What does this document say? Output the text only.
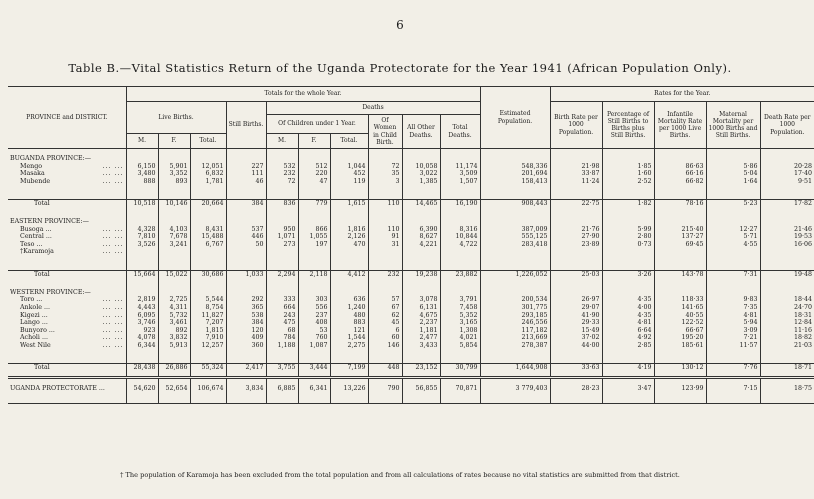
6
Table B.—Vital Statistics Return of the Uganda Protectorate for the Year 1941 (African Population Only).
PROVINCE and DISTRICT.	Totals for the whole Year.										Estimated Population.	Rates for the Year.				
	Live Births.			Still Births.	Deaths							Birth Rate per 1000 Population.	Percentage of Still Births to Births plus Still Births.	Infantile Mortality Rate per 1000 Live Births.	Maternal Mortality per 1000 Births and Still Births.	Death Rate per 1000 Population.
					Of Children under 1 Year.			Of Women in Child Birth.	All Other Deaths.	Total Deaths.						
	M.	F.	Total.		M.	F.	Total.									

BUGANDA PROVINCE:—																
Mengo ... ...	6,150	5,901	12,051	227	532	512	1,044	72	10,058	11,174	548,336	21·98	1·85	86·63	5·86	20·28
Masaka ... ...	3,480	3,352	6,832	111	232	220	452	35	3,022	3,509	201,694	33·87	1·60	66·16	5·04	17·40
Mubende ... ...	888	893	1,781	46	72	47	119	3	1,385	1,507	158,413	11·24	2·52	66·82	1·64	9·51

Total	10,518	10,146	20,664	384	836	779	1,615	110	14,465	16,190	908,443	22·75	1·82	78·16	5·23	17·82

EASTERN PROVINCE:—																
Busoga ... ... ...	4,328	4,103	8,431	537	950	866	1,816	110	6,390	8,316	387,009	21·76	5·99	215·40	12·27	21·46
Central ... ... ...	7,810	7,678	15,488	446	1,071	1,055	2,126	91	8,627	10,844	555,125	27·90	2·80	137·27	5·71	19·53
Teso ... ... ...	3,526	3,241	6,767	50	273	197	470	31	4,221	4,722	283,418	23·89	0·73	69·45	4·55	16·06
†Karamoja ... ...																

Total	15,664	15,022	30,686	1,033	2,294	2,118	4,412	232	19,238	23,882	1,226,052	25·03	3·26	143·78	7·31	19·48

WESTERN PROVINCE:—																
Toro ... ... ...	2,819	2,725	5,544	292	333	303	636	57	3,078	3,791	200,534	26·97	4·35	118·33	9·83	18·44
Ankole ... ... ...	4,443	4,311	8,754	365	664	556	1,240	67	6,131	7,458	301,775	29·07	4·00	141·65	7·35	24·70
Kigezi ... ... ...	6,095	5,732	11,827	538	243	237	480	62	4,675	5,352	293,185	41·90	4·35	40·55	4·81	18·31
Lango ... ... ...	3,746	3,461	7,207	384	475	408	883	45	2,237	3,165	246,556	29·33	4·81	122·52	5·94	12·84
Bunyoro ... ... ...	923	892	1,815	120	68	53	121	6	1,181	1,308	117,182	15·49	6·64	66·67	3·09	11·16
Acholi ... ... ...	4,078	3,832	7,910	409	784	760	1,544	60	2,477	4,021	213,669	37·02	4·92	195·20	7·21	18·82
West Nile ... ...	6,344	5,913	12,257	360	1,188	1,087	2,275	146	3,433	5,854	278,387	44·00	2·85	185·61	11·57	21·03

Total	28,438	26,886	55,324	2,417	3,755	3,444	7,199	448	23,152	30,799	1,644,908	33·63	4·19	130·12	7·76	18·71

UGANDA PROTECTORATE ...	54,620	52,654	106,674	3,834	6,885	6,341	13,226	790	56,855	70,871	3 779,403	28·23	3·47	123·99	7·15	18·75

† The population of Karamoja has been excluded from the total population and from all calculations of rates because no vital statistics are submitted from that district.
